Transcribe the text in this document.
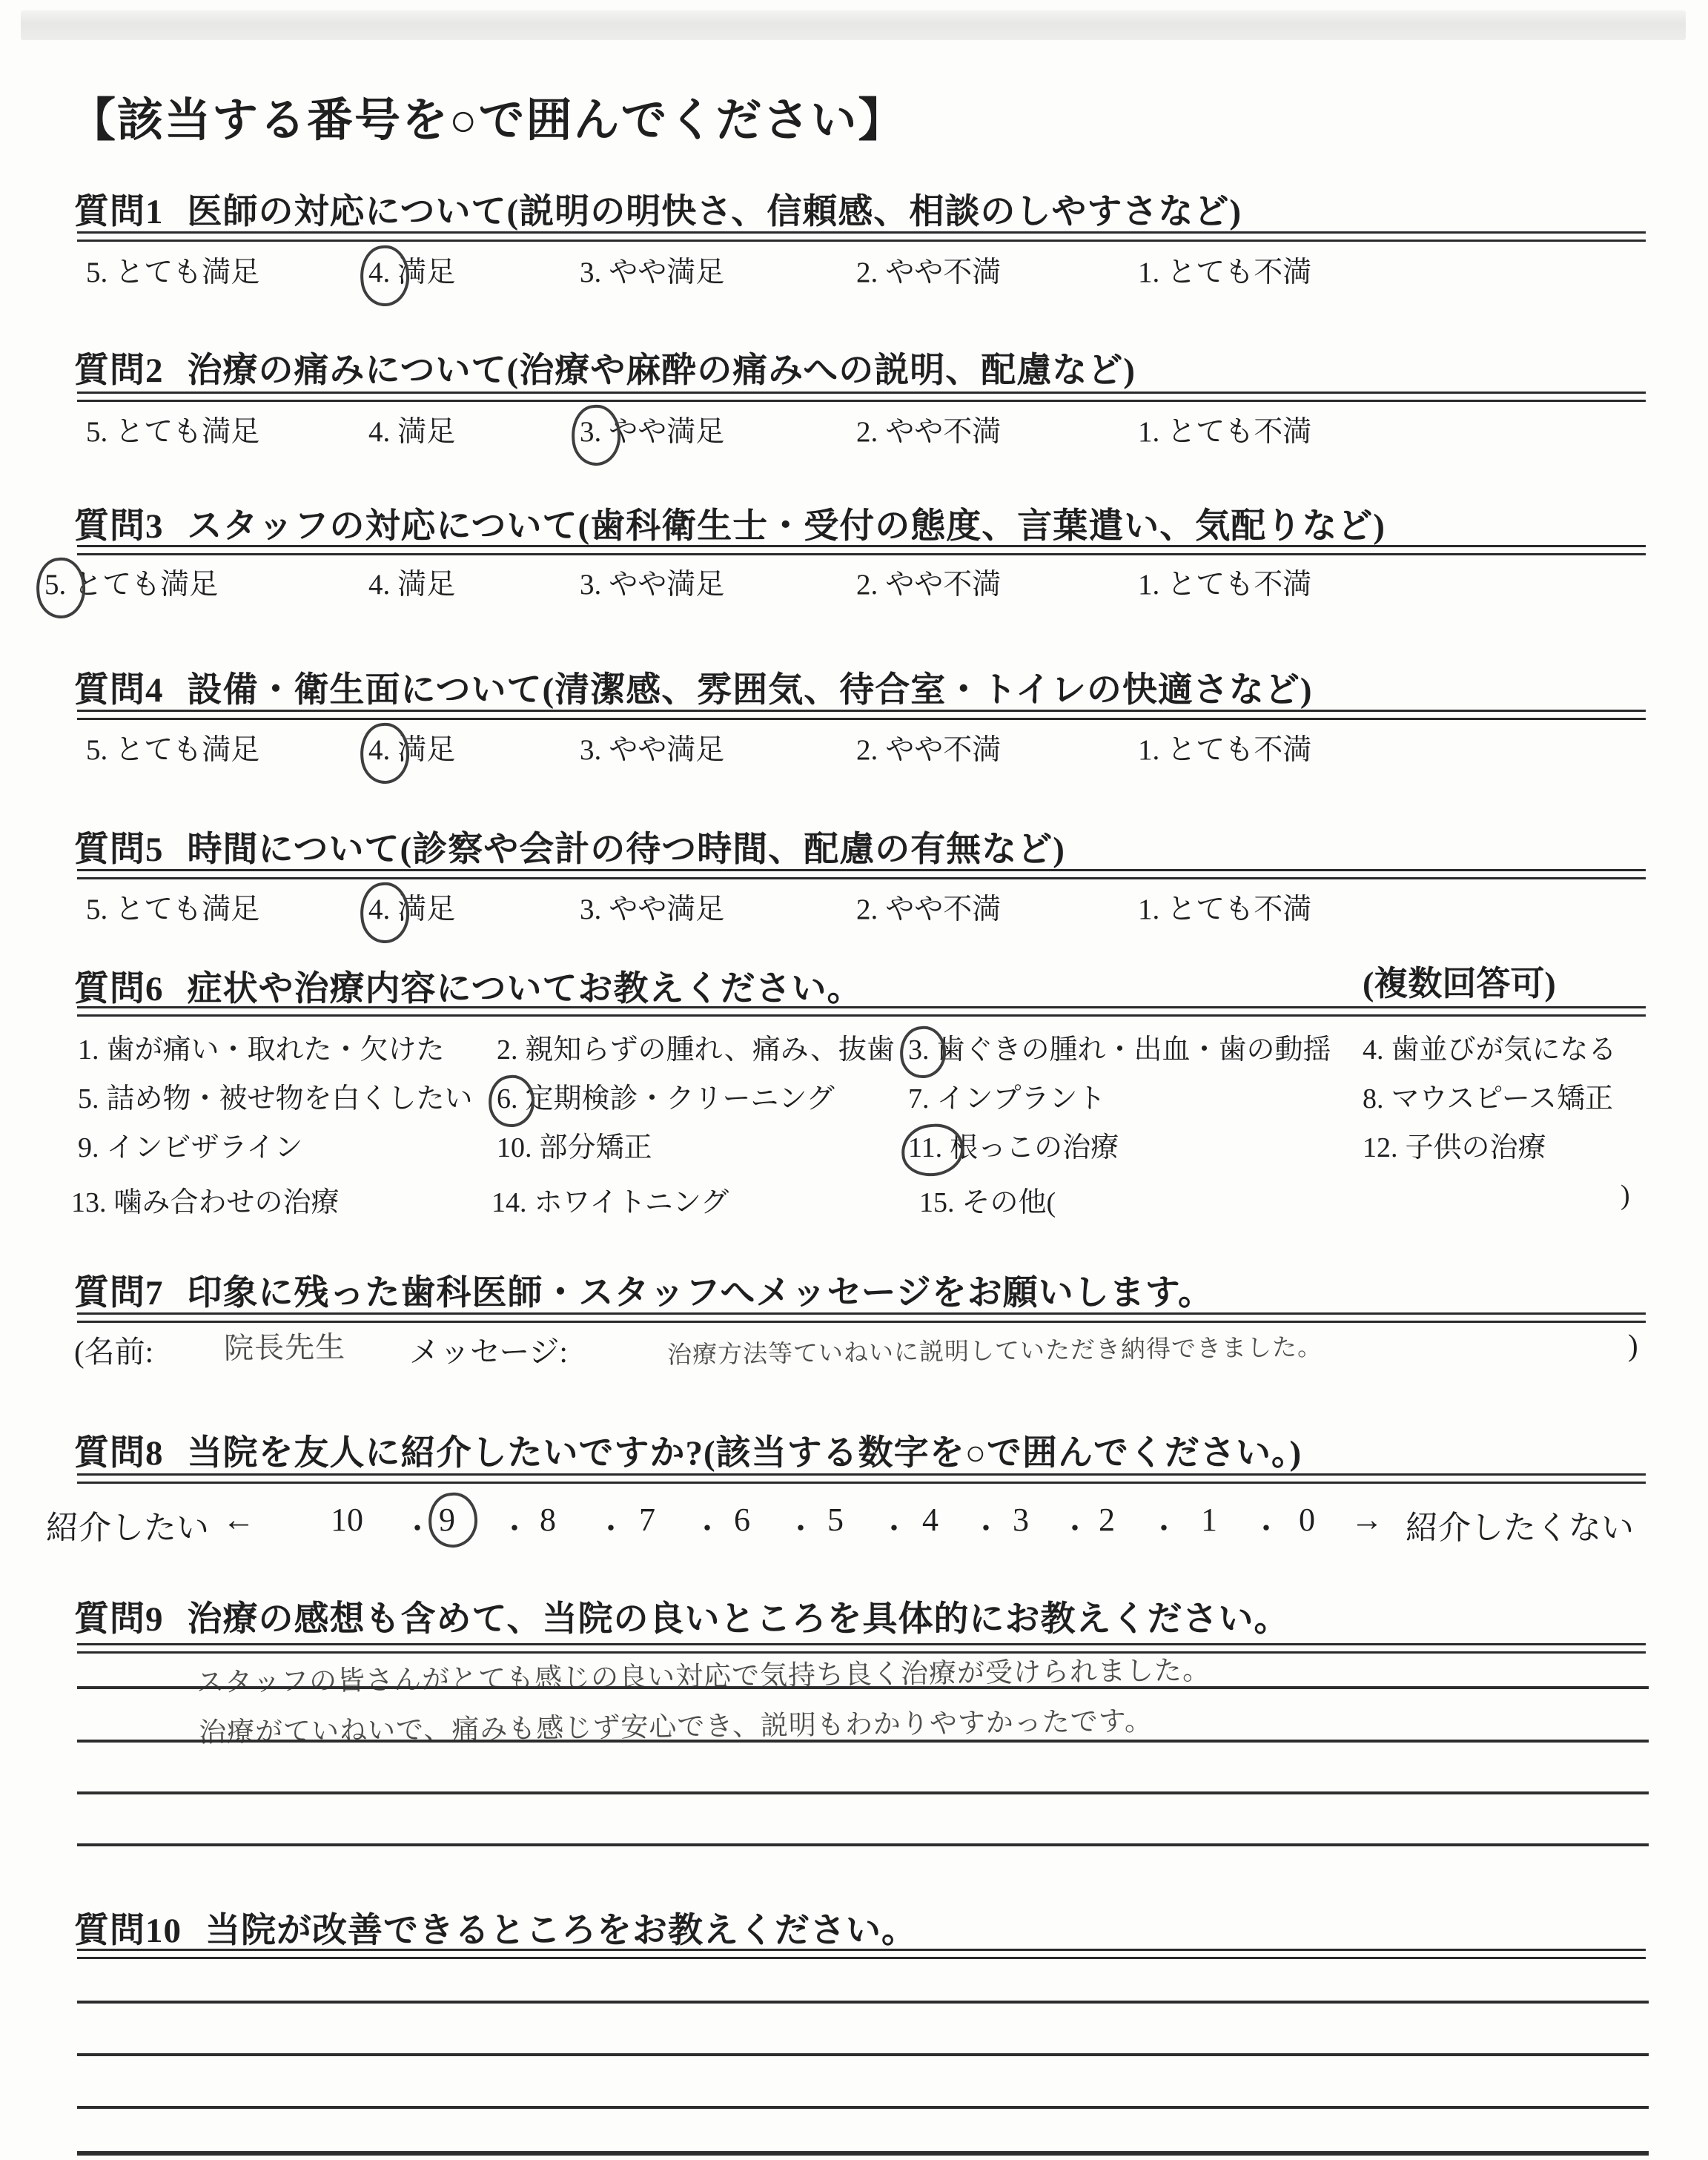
【該当する番号を○で囲んでください】
質問1 医師の対応について(説明の明快さ、信頼感、相談のしやすさなど)
5. とても満足	4. 満足	3. やや満足	2. やや不満	1. とても不満
質問2 治療の痛みについて(治療や麻酔の痛みへの説明、配慮など)
5. とても満足	4. 満足	3. やや満足	2. やや不満	1. とても不満
質問3 スタッフの対応について(歯科衛生士・受付の態度、言葉遣い、気配りなど)
5. とても満足	4. 満足	3. やや満足	2. やや不満	1. とても不満
質問4 設備・衛生面について(清潔感、雰囲気、待合室・トイレの快適さなど)
5. とても満足	4. 満足	3. やや満足	2. やや不満	1. とても不満
質問5 時間について(診察や会計の待つ時間、配慮の有無など)
5. とても満足	4. 満足	3. やや満足	2. やや不満	1. とても不満
質問6 症状や治療内容についてお教えください。	(複数回答可)
1. 歯が痛い・取れた・欠けた 2. 親知らずの腫れ、痛み、抜歯 3. 歯ぐきの腫れ・出血・歯の動揺 4. 歯並びが気になる
5. 詰め物・被せ物を白くしたい 6. 定期検診・クリーニング	7. インプラント	8. マウスピース矯正
9. インビザライン	10. 部分矯正	11. 根っこの治療	12. 子供の治療
13. 噛み合わせの治療	14. ホワイトニング	15. その他(	)
質問7 印象に残った歯科医師・スタッフへメッセージをお願いします。
(名前: 院長先生 メッセージ:	治療方法等ていねいに説明していただき納得できました。	)
質問8 当院を友人に紹介したいですか?(該当する数字を○で囲んでください。)
紹介したい ← 10 ・ 9 ・ 8 ・ 7 ・ 6 ・ 5 ・ 4 ・ 3 ・ 2 ・ 1 ・ 0 → 紹介したくない
質問9 治療の感想も含めて、当院の良いところを具体的にお教えください。
スタッフの皆さんがとても感じの良い対応で気持ち良く治療が受けられました。
治療がていねいで、痛みも感じず安心でき、説明もわかりやすかったです。
質問10 当院が改善できるところをお教えください。
